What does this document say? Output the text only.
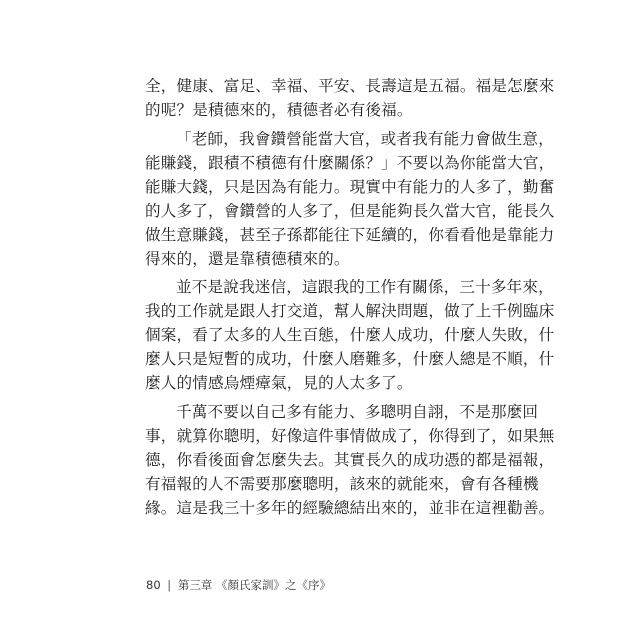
全，健康、富足、幸福、平安、長壽這是五福。福是怎麼來
的呢？是積德來的，積德者必有後福。
「老師，我會鑽營能當大官，或者我有能力會做生意，
能賺錢，跟積不積德有什麼關係？」不要以為你能當大官，
能賺大錢，只是因為有能力。現實中有能力的人多了，勤奮
的人多了，會鑽營的人多了，但是能夠長久當大官，能長久
做生意賺錢，甚至子孫都能往下延續的，你看看他是靠能力
得來的，還是靠積德積來的。
並不是說我迷信，這跟我的工作有關係，三十多年來，
我的工作就是跟人打交道，幫人解決問題，做了上千例臨床
個案，看了太多的人生百態，什麼人成功，什麼人失敗，什
麼人只是短暫的成功，什麼人磨難多，什麼人總是不順，什
麼人的情感烏煙瘴氣，見的人太多了。
千萬不要以自己多有能力、多聰明自詡，不是那麼回
事，就算你聰明，好像這件事情做成了，你得到了，如果無
德，你看後面會怎麼失去。其實長久的成功憑的都是福報，
有福報的人不需要那麼聰明，該來的就能來，會有各種機
緣。這是我三十多年的經驗總結出來的，並非在這裡勸善。
80 | 第三章 《顏氏家訓》之《序》
